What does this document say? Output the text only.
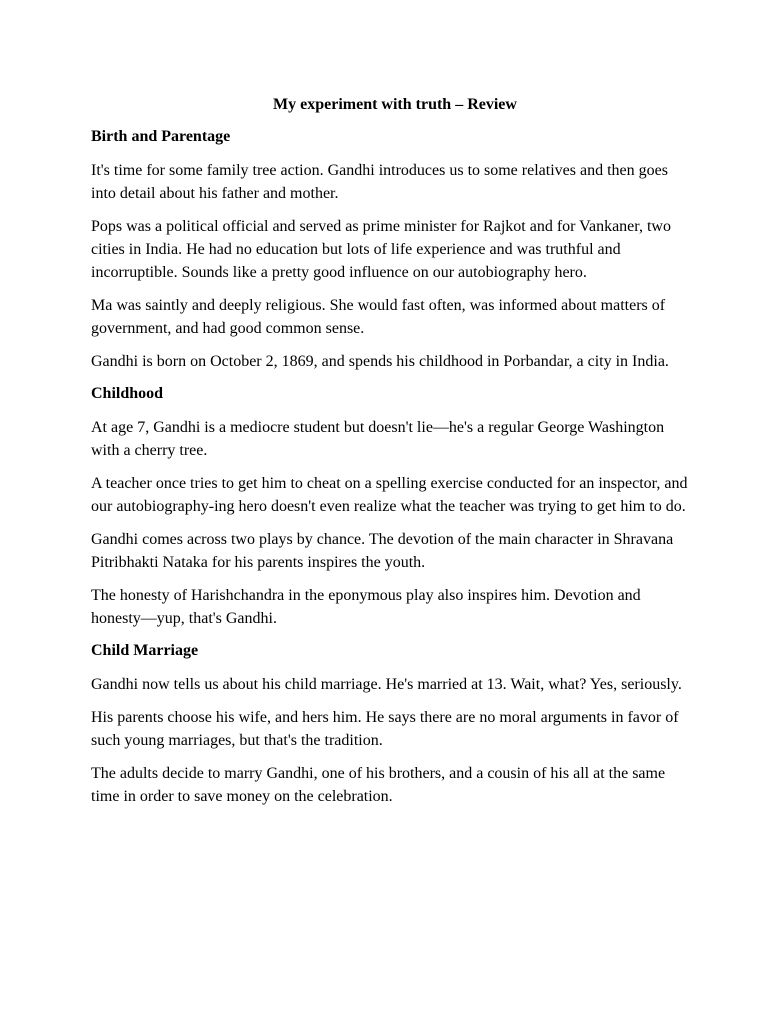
My experiment with truth – Review
Birth and Parentage

It's time for some family tree action. Gandhi introduces us to some relatives and then goes into detail about his father and mother.

Pops was a political official and served as prime minister for Rajkot and for Vankaner, two cities in India. He had no education but lots of life experience and was truthful and incorruptible. Sounds like a pretty good influence on our autobiography hero.

Ma was saintly and deeply religious. She would fast often, was informed about matters of government, and had good common sense.

Gandhi is born on October 2, 1869, and spends his childhood in Porbandar, a city in India.

Childhood

At age 7, Gandhi is a mediocre student but doesn't lie—he's a regular George Washington with a cherry tree.

A teacher once tries to get him to cheat on a spelling exercise conducted for an inspector, and our autobiography-ing hero doesn't even realize what the teacher was trying to get him to do.

Gandhi comes across two plays by chance. The devotion of the main character in Shravana Pitribhakti Nataka for his parents inspires the youth.

The honesty of Harishchandra in the eponymous play also inspires him. Devotion and honesty—yup, that's Gandhi.

Child Marriage

Gandhi now tells us about his child marriage. He's married at 13. Wait, what? Yes, seriously.

His parents choose his wife, and hers him. He says there are no moral arguments in favor of such young marriages, but that's the tradition.

The adults decide to marry Gandhi, one of his brothers, and a cousin of his all at the same time in order to save money on the celebration.
